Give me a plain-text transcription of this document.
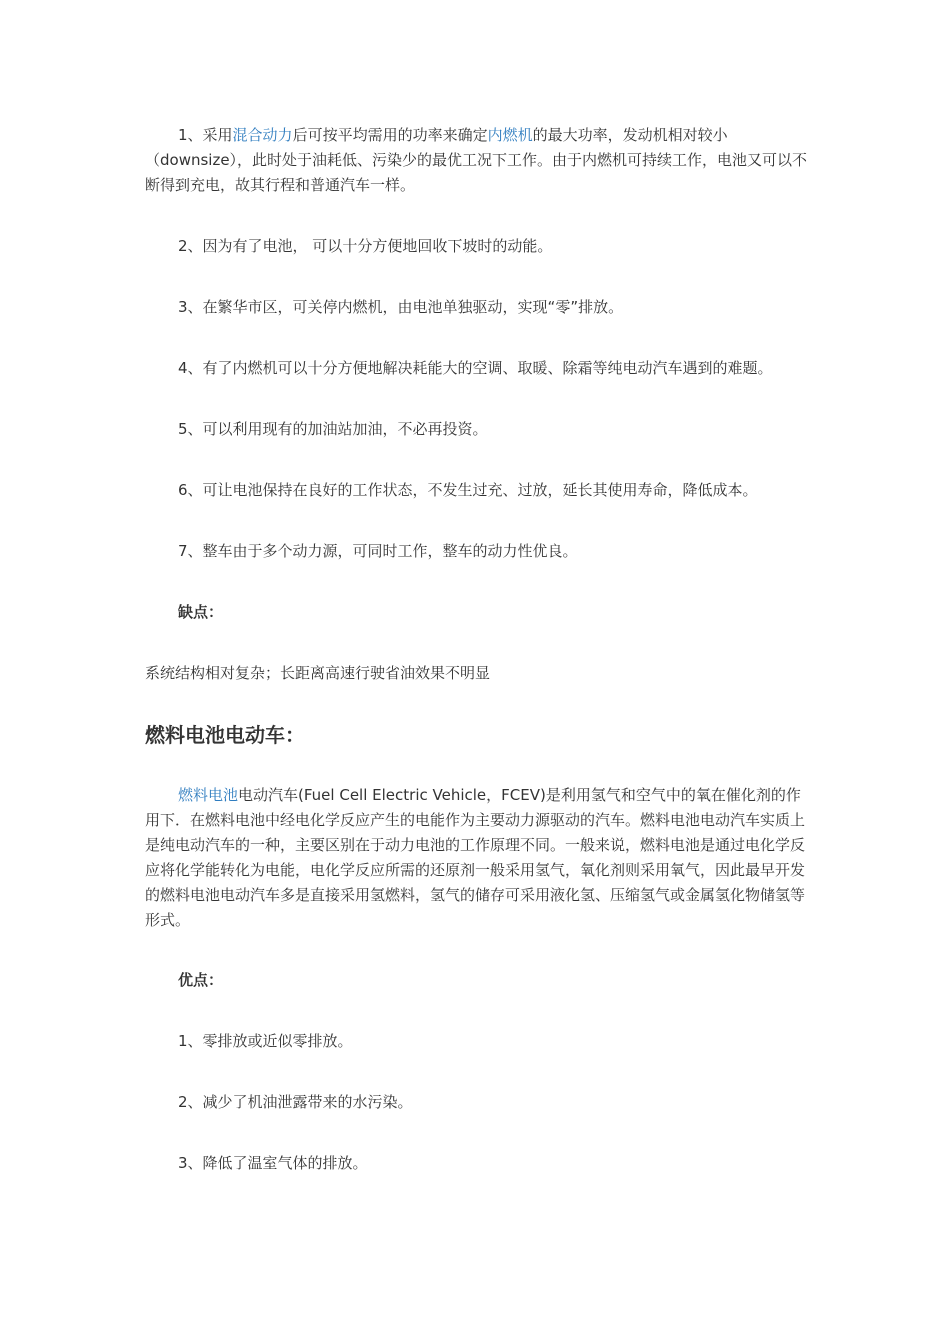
1、采用混合动力后可按平均需用的功率来确定内燃机的最大功率，发动机相对较小（downsize），此时处于油耗低、污染少的最优工况下工作。由于内燃机可持续工作，电池又可以不断得到充电，故其行程和普通汽车一样。

2、因为有了电池， 可以十分方便地回收下坡时的动能。

3、在繁华市区，可关停内燃机，由电池单独驱动，实现“零”排放。

4、有了内燃机可以十分方便地解决耗能大的空调、取暖、除霜等纯电动汽车遇到的难题。

5、可以利用现有的加油站加油，不必再投资。

6、可让电池保持在良好的工作状态，不发生过充、过放，延长其使用寿命，降低成本。

7、整车由于多个动力源，可同时工作，整车的动力性优良。

缺点：

系统结构相对复杂；长距离高速行驶省油效果不明显

燃料电池电动车：

燃料电池电动汽车(Fuel Cell Electric Vehicle，FCEV)是利用氢气和空气中的氧在催化剂的作用下．在燃料电池中经电化学反应产生的电能作为主要动力源驱动的汽车。燃料电池电动汽车实质上是纯电动汽车的一种，主要区别在于动力电池的工作原理不同。一般来说，燃料电池是通过电化学反应将化学能转化为电能，电化学反应所需的还原剂一般采用氢气，氧化剂则采用氧气，因此最早开发的燃料电池电动汽车多是直接采用氢燃料，氢气的储存可采用液化氢、压缩氢气或金属氢化物储氢等形式。

优点：

1、零排放或近似零排放。

2、减少了机油泄露带来的水污染。

3、降低了温室气体的排放。
